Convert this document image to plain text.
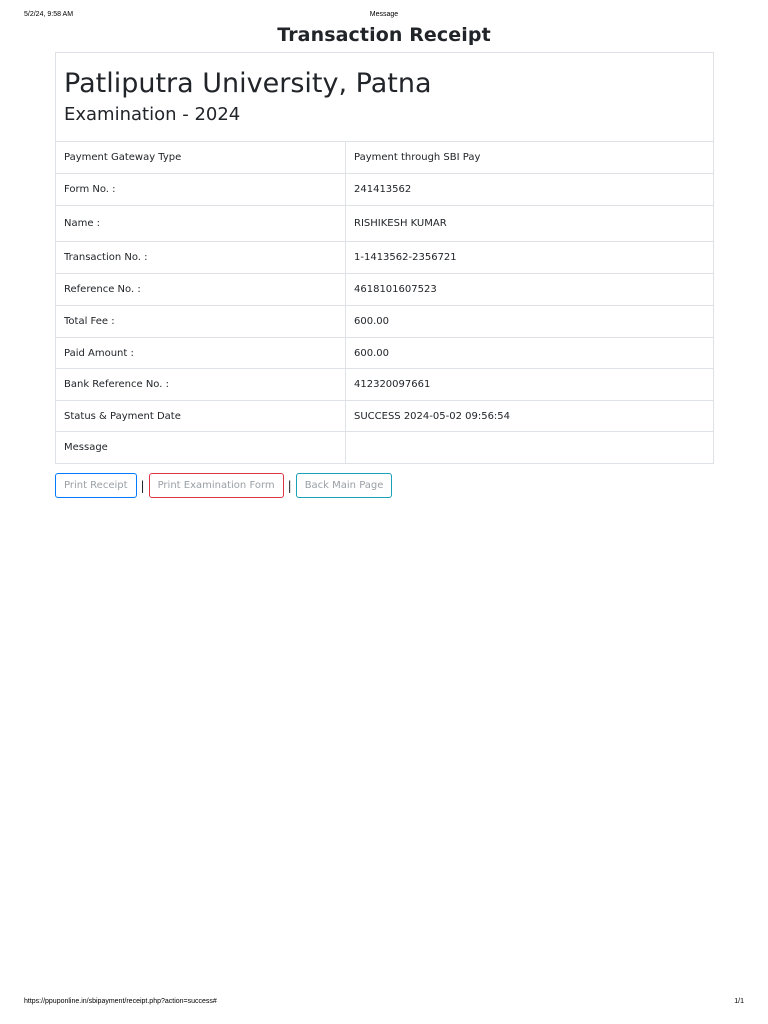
5/2/24, 9:58 AM	Message
Transaction Receipt
Patliputra University, Patna
Examination - 2024	

Payment Gateway Type	Payment through SBI Pay
Form No. :	241413562
Name :	RISHIKESH KUMAR
Transaction No. :	1-1413562-2356721
Reference No. :	4618101607523
Total Fee :	600.00
Paid Amount :	600.00
Bank Reference No. :	412320097661
Status & Payment Date	SUCCESS 2024-05-02 09:56:54
Message	
Print Receipt	|	Print Examination Form	|	Back Main Page
https://ppuponline.in/sbipayment/receipt.php?action=success#	1/1
